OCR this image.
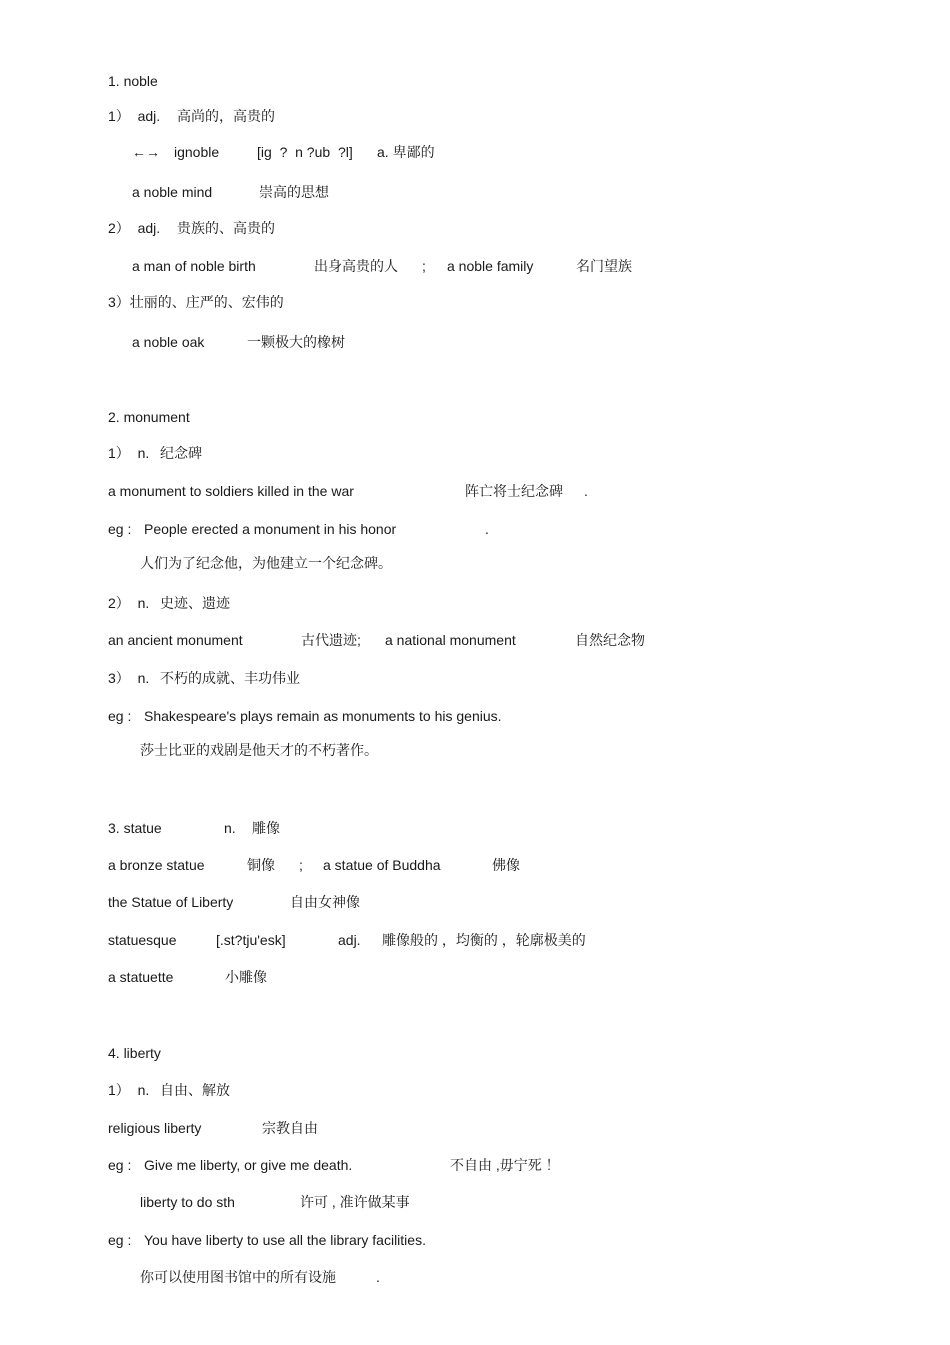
1. noble

1）  adj.

高尚的，高贵的

←→

ignoble

	[ig  ?  n ?ub  ?l]

a. 卑鄙的

a noble mind

	崇高的思想

2）  adj.

贵族的、高贵的

a man of noble birth

	出身高贵的人

;

a noble family

	名门望族

3）壮丽的、庄严的、宏伟的

a noble oak

	一颗极大的橡树

2. monument

1）  n.

纪念碑

a monument to soldiers killed in the war

	阵亡将士纪念碑

.

eg :

People erected a monument in his honor

	.

人们为了纪念他，为他建立一个纪念碑。

2）  n.

史迹、遗迹

an ancient monument

	古代遗迹;

a national monument

	自然纪念物

3）  n.

不朽的成就、丰功伟业

eg :

Shakespeare's plays remain as monuments to his genius.

莎士比亚的戏剧是他天才的不朽著作。

3. statue

	n.

雕像

a bronze statue

	铜像

;

a statue of Buddha

	佛像

the Statue of Liberty

	自由女神像

statuesque

	[.st?tju'esk]

	adj.

雕像般的 ，均衡的 ，轮廓极美的

a statuette

	小雕像

4. liberty

1）  n.

自由、解放

religious liberty

	宗教自由

eg :

Give me liberty, or give me death.

	不自由 ,毋宁死 ！

liberty to do sth

	许可 , 准许做某事

eg :

You have liberty to use all the library facilities.

你可以使用图书馆中的所有设施

	.
